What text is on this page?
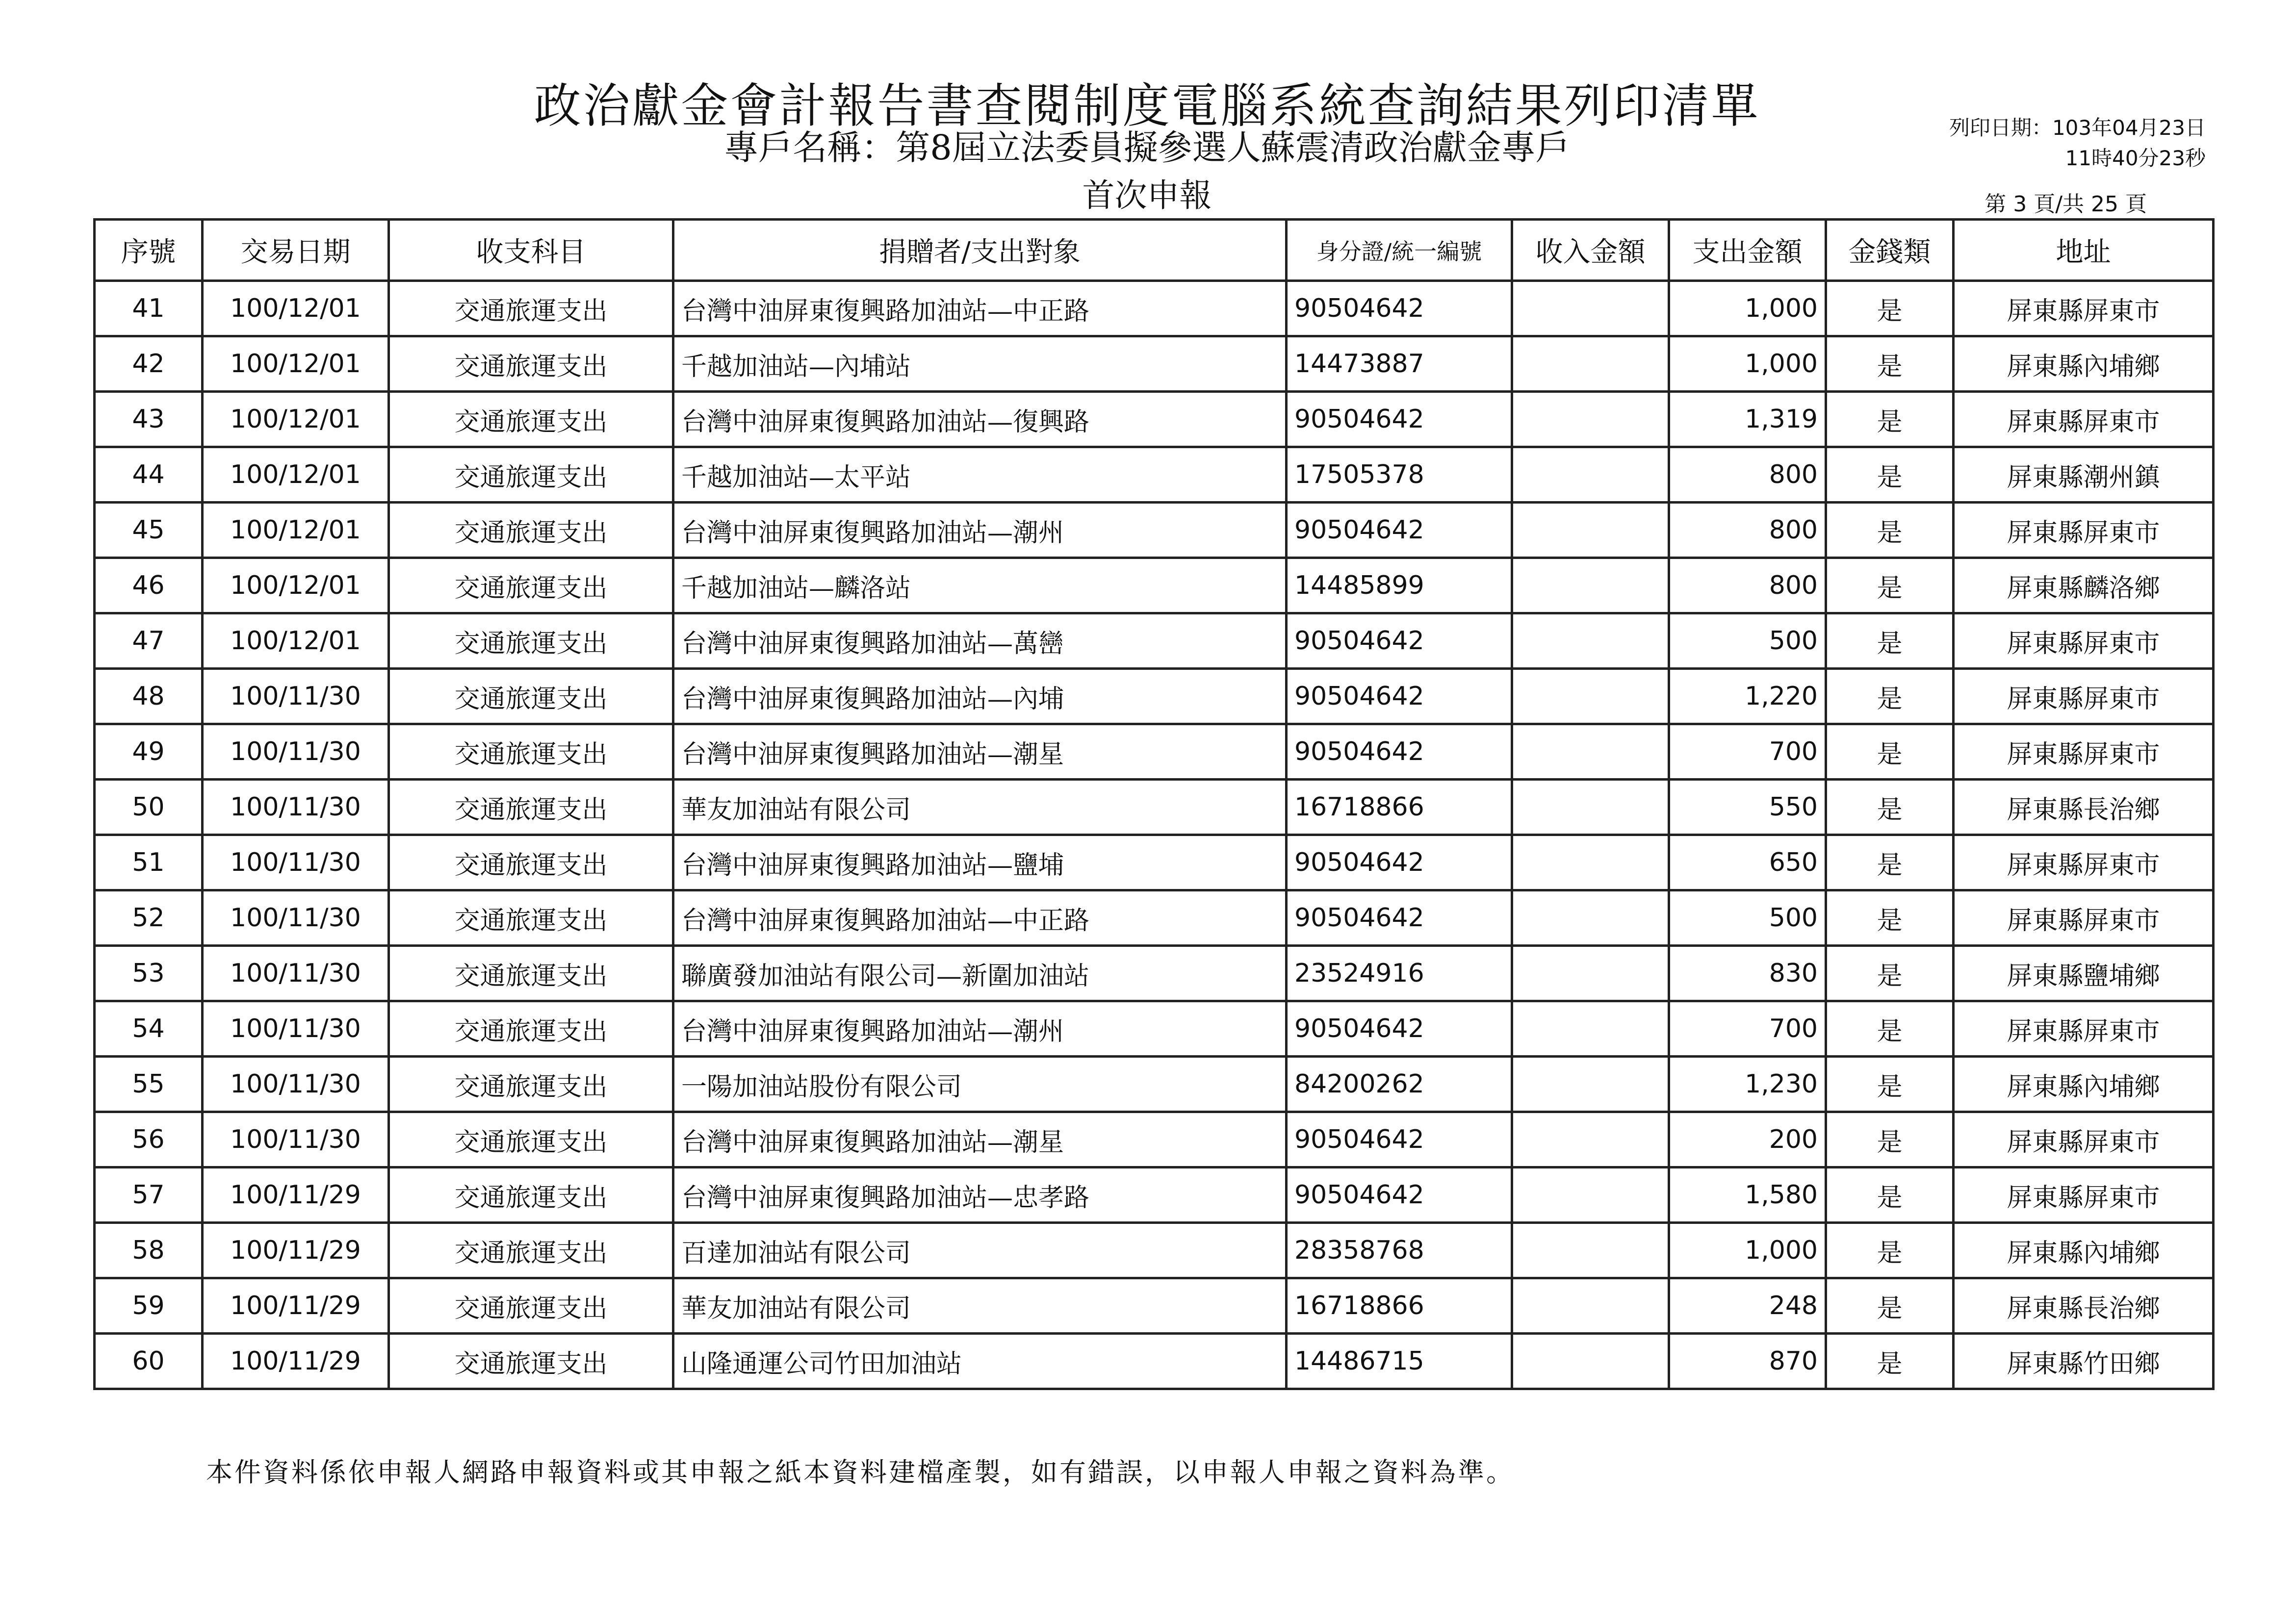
政治獻金會計報告書查閱制度電腦系統查詢結果列印清單
專戶名稱：第8屆立法委員擬參選人蘇震清政治獻金專戶
首次申報
列印日期：103年04月23日
11時40分23秒
第 3 頁/共 25 頁
序號	交易日期	收支科目	捐贈者/支出對象	身分證/統一編號	收入金額	支出金額	金錢類	地址
41	100/12/01	交通旅運支出	台灣中油屏東復興路加油站—中正路	90504642		1,000	是	屏東縣屏東市
42	100/12/01	交通旅運支出	千越加油站—內埔站	14473887		1,000	是	屏東縣內埔鄉
43	100/12/01	交通旅運支出	台灣中油屏東復興路加油站—復興路	90504642		1,319	是	屏東縣屏東市
44	100/12/01	交通旅運支出	千越加油站—太平站	17505378		800	是	屏東縣潮州鎮
45	100/12/01	交通旅運支出	台灣中油屏東復興路加油站—潮州	90504642		800	是	屏東縣屏東市
46	100/12/01	交通旅運支出	千越加油站—麟洛站	14485899		800	是	屏東縣麟洛鄉
47	100/12/01	交通旅運支出	台灣中油屏東復興路加油站—萬巒	90504642		500	是	屏東縣屏東市
48	100/11/30	交通旅運支出	台灣中油屏東復興路加油站—內埔	90504642		1,220	是	屏東縣屏東市
49	100/11/30	交通旅運支出	台灣中油屏東復興路加油站—潮星	90504642		700	是	屏東縣屏東市
50	100/11/30	交通旅運支出	華友加油站有限公司	16718866		550	是	屏東縣長治鄉
51	100/11/30	交通旅運支出	台灣中油屏東復興路加油站—鹽埔	90504642		650	是	屏東縣屏東市
52	100/11/30	交通旅運支出	台灣中油屏東復興路加油站—中正路	90504642		500	是	屏東縣屏東市
53	100/11/30	交通旅運支出	聯廣發加油站有限公司—新圍加油站	23524916		830	是	屏東縣鹽埔鄉
54	100/11/30	交通旅運支出	台灣中油屏東復興路加油站—潮州	90504642		700	是	屏東縣屏東市
55	100/11/30	交通旅運支出	一陽加油站股份有限公司	84200262		1,230	是	屏東縣內埔鄉
56	100/11/30	交通旅運支出	台灣中油屏東復興路加油站—潮星	90504642		200	是	屏東縣屏東市
57	100/11/29	交通旅運支出	台灣中油屏東復興路加油站—忠孝路	90504642		1,580	是	屏東縣屏東市
58	100/11/29	交通旅運支出	百達加油站有限公司	28358768		1,000	是	屏東縣內埔鄉
59	100/11/29	交通旅運支出	華友加油站有限公司	16718866		248	是	屏東縣長治鄉
60	100/11/29	交通旅運支出	山隆通運公司竹田加油站	14486715		870	是	屏東縣竹田鄉
本件資料係依申報人網路申報資料或其申報之紙本資料建檔產製，如有錯誤，以申報人申報之資料為準。
